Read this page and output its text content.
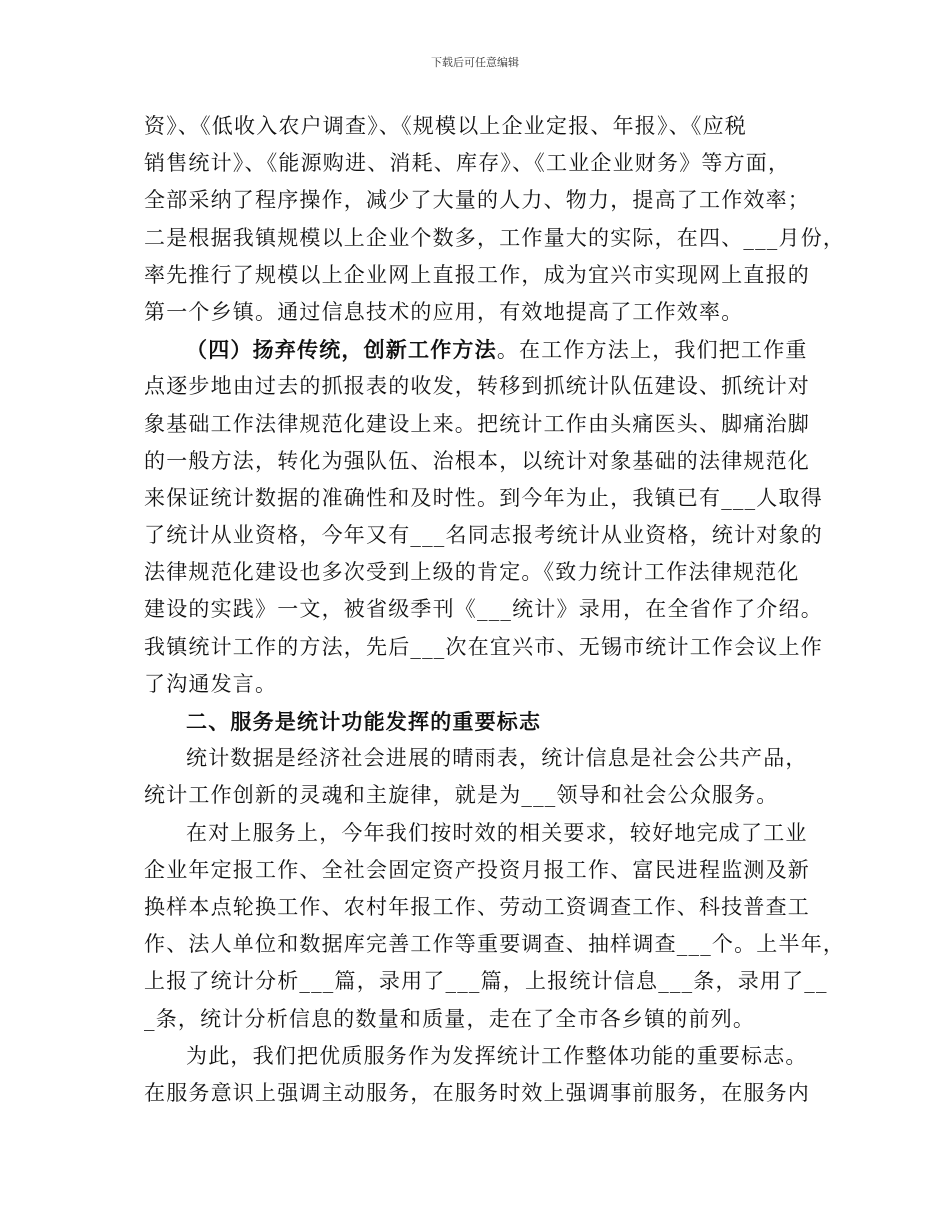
下载后可任意编辑
资》、《低收入农户调查》、《规模以上企业定报、年报》、《应税
销售统计》、《能源购进、消耗、库存》、《工业企业财务》等方面，
全部采纳了程序操作，减少了大量的人力、物力，提高了工作效率；
二是根据我镇规模以上企业个数多，工作量大的实际，在四、___月份，
率先推行了规模以上企业网上直报工作，成为宜兴市实现网上直报的
第一个乡镇。通过信息技术的应用，有效地提高了工作效率。
（四）扬弃传统，创新工作方法。在工作方法上，我们把工作重
点逐步地由过去的抓报表的收发，转移到抓统计队伍建设、抓统计对
象基础工作法律规范化建设上来。把统计工作由头痛医头、脚痛治脚
的一般方法，转化为强队伍、治根本，以统计对象基础的法律规范化
来保证统计数据的准确性和及时性。到今年为止，我镇已有___人取得
了统计从业资格，今年又有___名同志报考统计从业资格，统计对象的
法律规范化建设也多次受到上级的肯定。《致力统计工作法律规范化
建设的实践》一文，被省级季刊《___统计》录用，在全省作了介绍。
我镇统计工作的方法，先后___次在宜兴市、无锡市统计工作会议上作
了沟通发言。
二、服务是统计功能发挥的重要标志
统计数据是经济社会进展的晴雨表，统计信息是社会公共产品，
统计工作创新的灵魂和主旋律，就是为___领导和社会公众服务。
在对上服务上，今年我们按时效的相关要求，较好地完成了工业
企业年定报工作、全社会固定资产投资月报工作、富民进程监测及新
换样本点轮换工作、农村年报工作、劳动工资调查工作、科技普查工
作、法人单位和数据库完善工作等重要调查、抽样调查___个。上半年，
上报了统计分析___篇，录用了___篇，上报统计信息___条，录用了__
_条，统计分析信息的数量和质量，走在了全市各乡镇的前列。
为此，我们把优质服务作为发挥统计工作整体功能的重要标志。
在服务意识上强调主动服务，在服务时效上强调事前服务，在服务内
